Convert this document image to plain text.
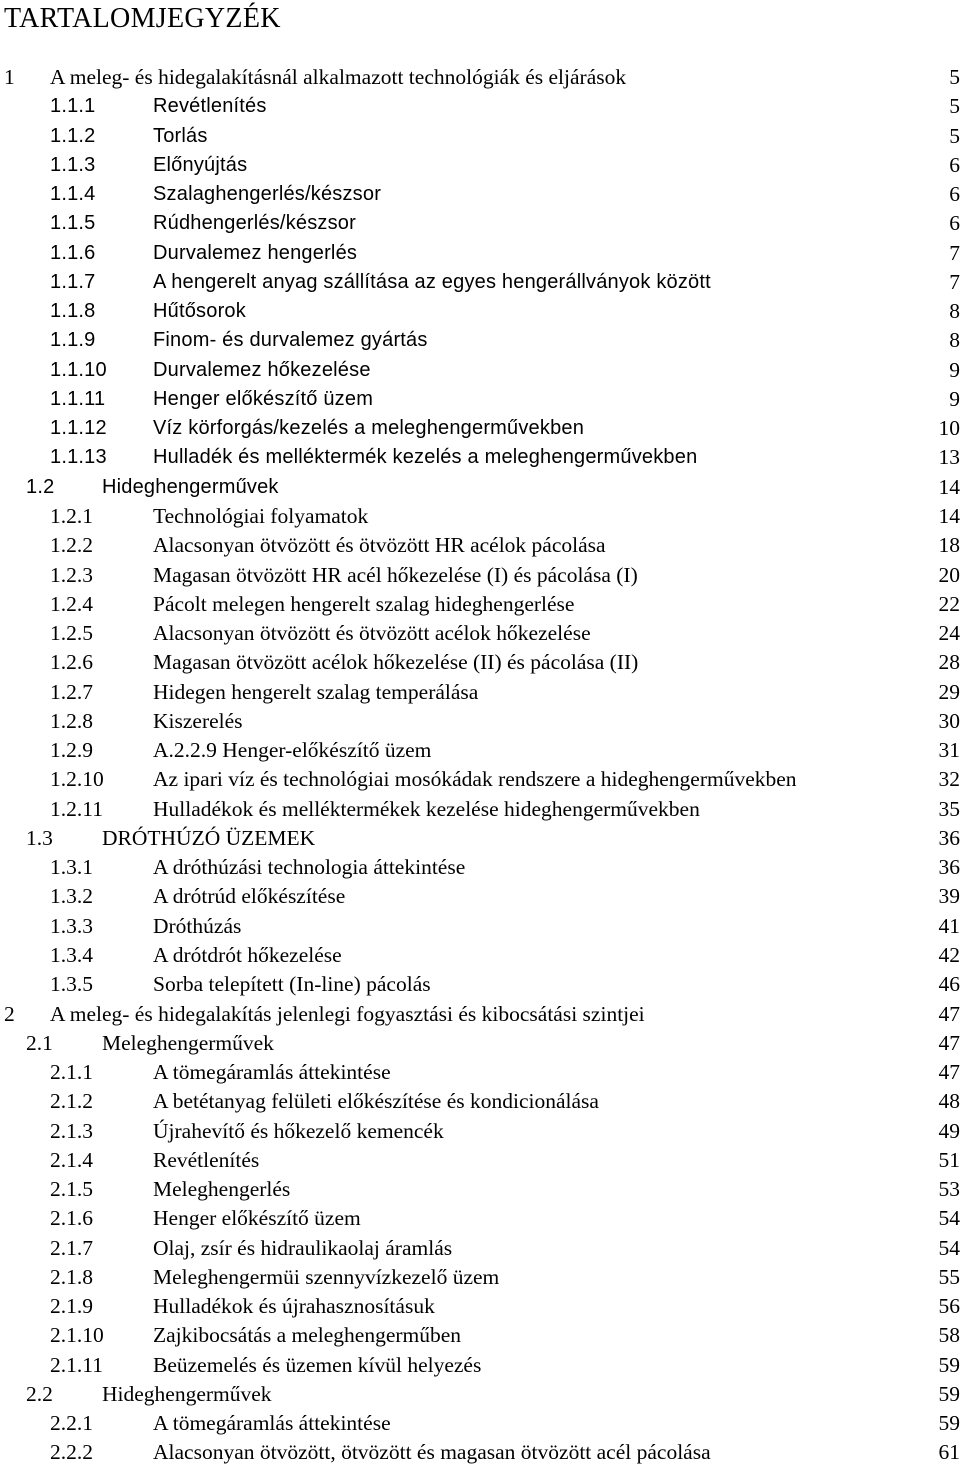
TARTALOMJEGYZÉK
1 A meleg- és hidegalakításnál alkalmazott technológiák és eljárások	5
1.1.1	Revétlenítés	5
1.1.2	Torlás	5
1.1.3	Előnyújtás	6
1.1.4	Szalaghengerlés/készsor	6
1.1.5	Rúdhengerlés/készsor	6
1.1.6	Durvalemez hengerlés	7
1.1.7	A hengerelt anyag szállítása az egyes hengerállványok között	7
1.1.8	Hűtősorok	8
1.1.9	Finom- és durvalemez gyártás	8
1.1.10 Durvalemez hőkezelése	9
1.1.11 Henger előkészítő üzem	9
1.1.12 Víz körforgás/kezelés a meleghengerművekben	10
1.1.13 Hulladék és melléktermék kezelés a meleghengerművekben	13
1.2 Hideghengerművek	14
1.2.1	Technológiai folyamatok	14
1.2.2	Alacsonyan ötvözött és ötvözött HR acélok pácolása	18
1.2.3	Magasan ötvözött HR acél hőkezelése (I) és pácolása (I)	20
1.2.4	Pácolt melegen hengerelt szalag hideghengerlése	22
1.2.5	Alacsonyan ötvözött és ötvözött acélok hőkezelése	24
1.2.6	Magasan ötvözött acélok hőkezelése (II) és pácolása (II)	28
1.2.7	Hidegen hengerelt szalag temperálása	29
1.2.8	Kiszerelés	30
1.2.9	A.2.2.9 Henger-előkészítő üzem	31
1.2.10 Az ipari víz és technológiai mosókádak rendszere a hideghengerművekben	32
1.2.11 Hulladékok és melléktermékek kezelése hideghengerművekben	35
1.3 DRÓTHÚZÓ ÜZEMEK	36
1.3.1	A dróthúzási technologia áttekintése	36
1.3.2	A drótrúd előkészítése	39
1.3.3	Dróthúzás	41
1.3.4	A drótdrót hőkezelése	42
1.3.5	Sorba telepített (In-line) pácolás	46
2 A meleg- és hidegalakítás jelenlegi fogyasztási és kibocsátási szintjei	47
2.1 Meleghengerművek	47
2.1.1	A tömegáramlás áttekintése	47
2.1.2	A betétanyag felületi előkészítése és kondicionálása	48
2.1.3	Újrahevítő és hőkezelő kemencék	49
2.1.4	Revétlenítés	51
2.1.5	Meleghengerlés	53
2.1.6	Henger előkészítő üzem	54
2.1.7	Olaj, zsír és hidraulikaolaj áramlás	54
2.1.8	Meleghengermüi szennyvízkezelő üzem	55
2.1.9	Hulladékok és újrahasznosításuk	56
2.1.10 Zajkibocsátás a meleghengerműben	58
2.1.11 Beüzemelés és üzemen kívül helyezés	59
2.2 Hideghengerművek	59
2.2.1	A tömegáramlás áttekintése	59
2.2.2	Alacsonyan ötvözött, ötvözött és magasan ötvözött acél pácolása	61
